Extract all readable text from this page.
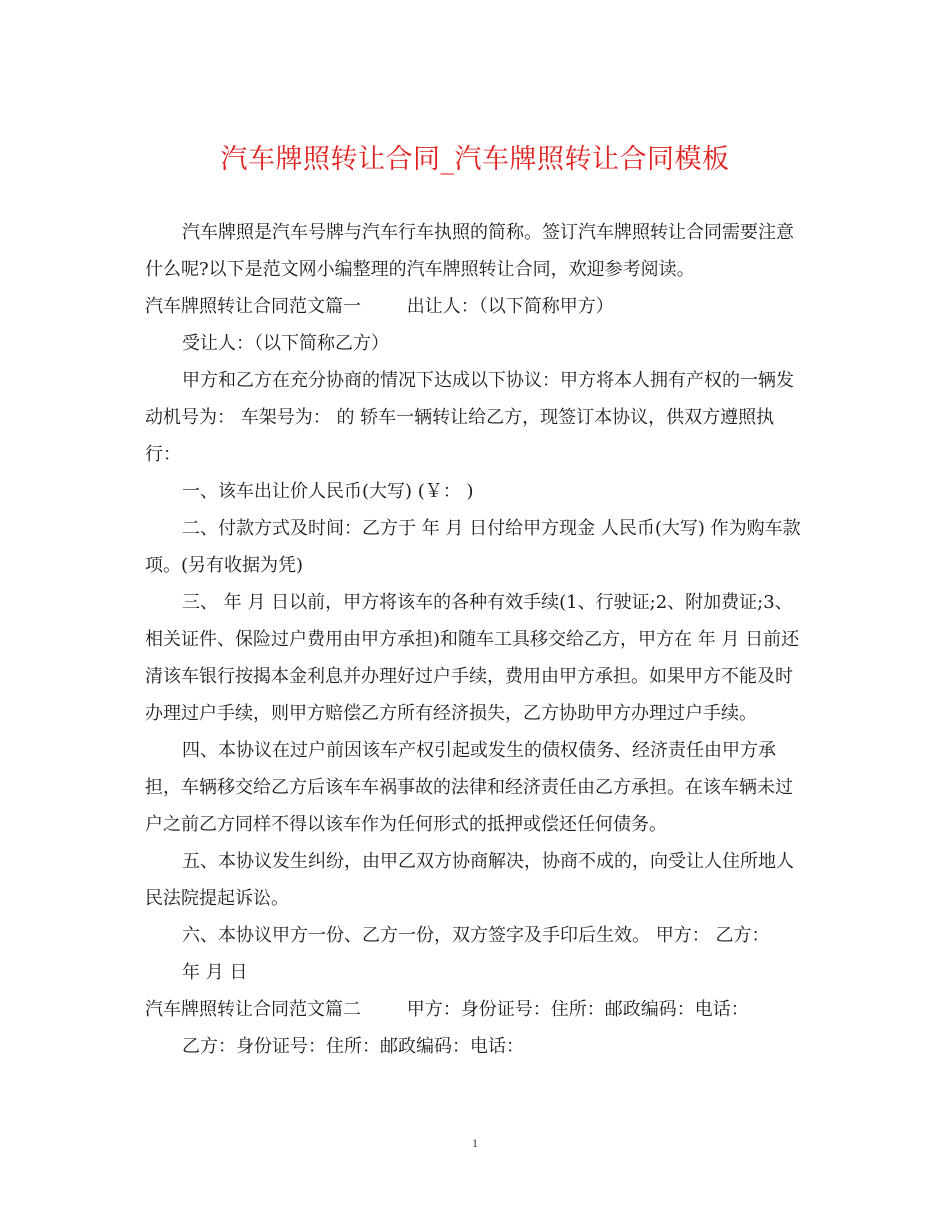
汽车牌照转让合同_汽车牌照转让合同模板

汽车牌照是汽车号牌与汽车行车执照的简称。签订汽车牌照转让合同需要注意什么呢?以下是范文网小编整理的汽车牌照转让合同，欢迎参考阅读。

汽车牌照转让合同范文篇一        出让人：（以下简称甲方）

受让人：（以下简称乙方）

甲方和乙方在充分协商的情况下达成以下协议：甲方将本人拥有产权的一辆发动机号为： 车架号为： 的 轿车一辆转让给乙方，现签订本协议，供双方遵照执行：

一、该车出让价人民币(大写) (￥： )

二、付款方式及时间：乙方于 年 月 日付给甲方现金 人民币(大写) 作为购车款项。(另有收据为凭)

三、 年 月 日以前，甲方将该车的各种有效手续(1、行驶证;2、附加费证;3、相关证件、保险过户费用由甲方承担)和随车工具移交给乙方，甲方在 年 月 日前还清该车银行按揭本金利息并办理好过户手续，费用由甲方承担。如果甲方不能及时办理过户手续，则甲方赔偿乙方所有经济损失，乙方协助甲方办理过户手续。

四、本协议在过户前因该车产权引起或发生的债权债务、经济责任由甲方承担，车辆移交给乙方后该车车祸事故的法律和经济责任由乙方承担。在该车辆未过户之前乙方同样不得以该车作为任何形式的抵押或偿还任何债务。

五、本协议发生纠纷，由甲乙双方协商解决，协商不成的，向受让人住所地人民法院提起诉讼。

六、本协议甲方一份、乙方一份，双方签字及手印后生效。 甲方： 乙方：

年 月 日

汽车牌照转让合同范文篇二        甲方：身份证号：住所：邮政编码：电话：

乙方：身份证号：住所：邮政编码：电话：

1
